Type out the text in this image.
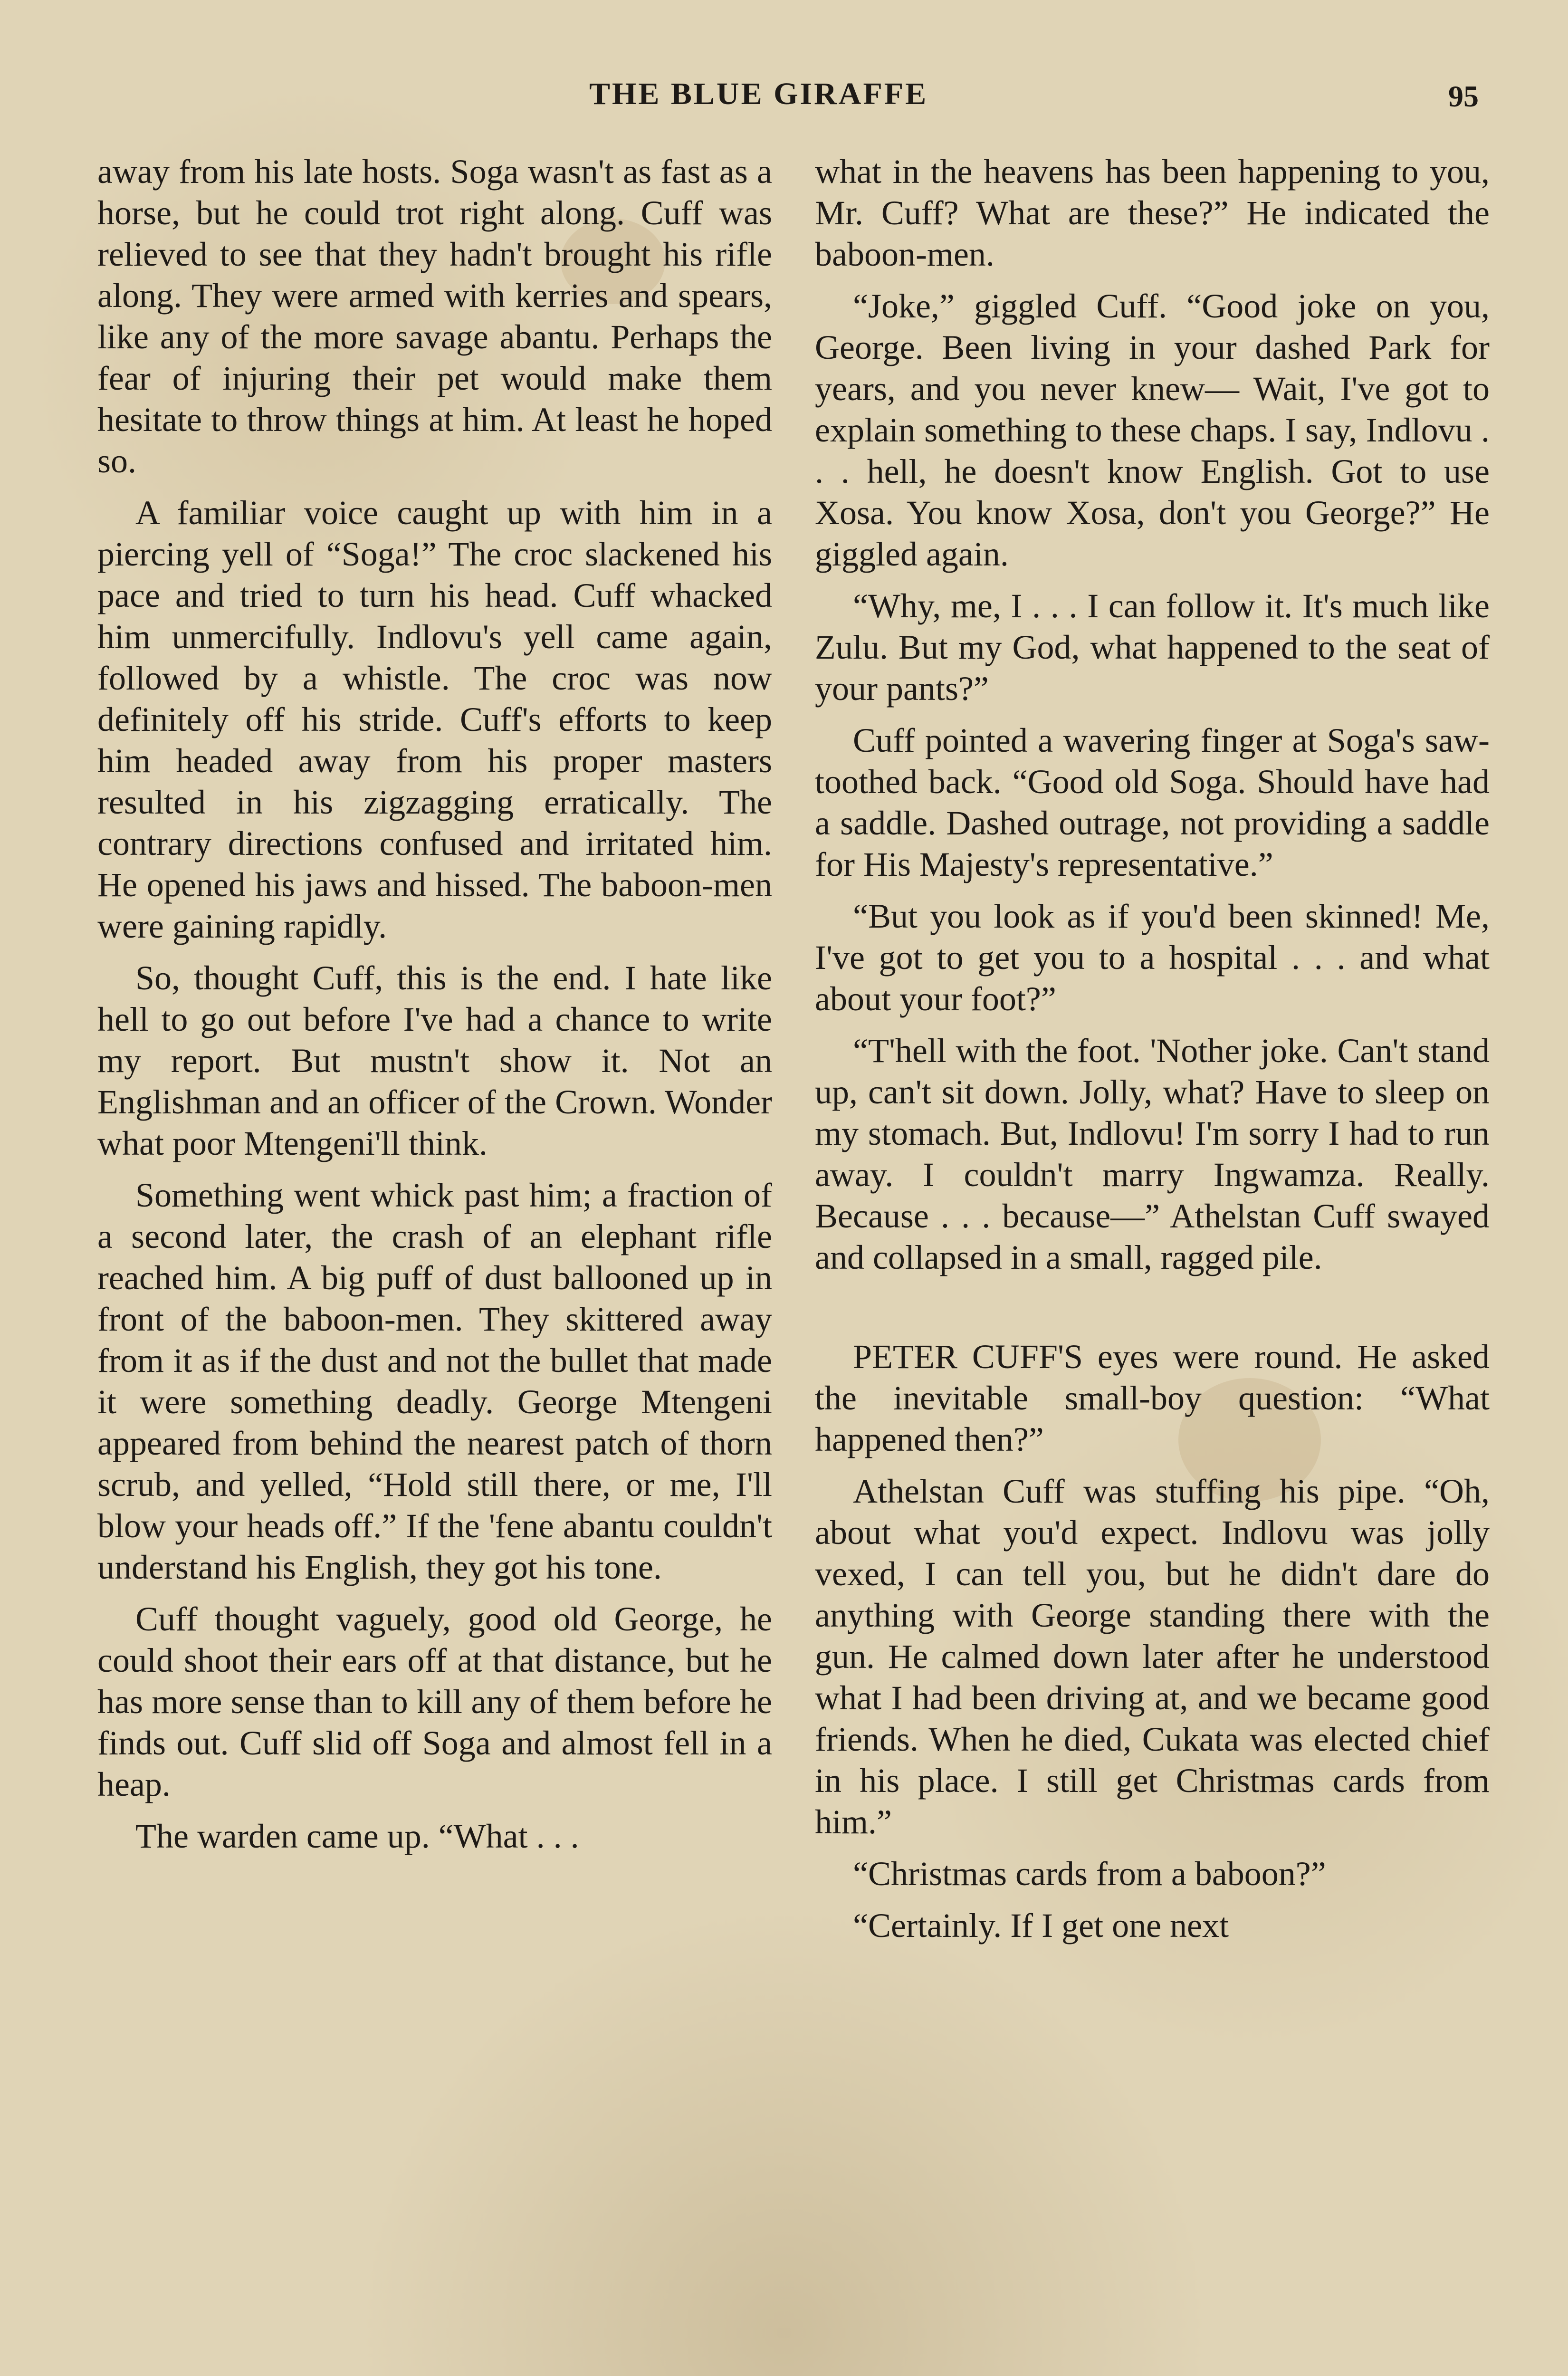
THE BLUE GIRAFFE	95

away from his late hosts. Soga wasn't as fast as a horse, but he could trot right along. Cuff was relieved to see that they hadn't brought his rifle along. They were armed with kerries and spears, like any of the more savage abantu. Perhaps the fear of injuring their pet would make them hesitate to throw things at him. At least he hoped so.

A familiar voice caught up with him in a piercing yell of “Soga!” The croc slackened his pace and tried to turn his head. Cuff whacked him unmercifully. Indlovu's yell came again, followed by a whistle. The croc was now definitely off his stride. Cuff's efforts to keep him headed away from his proper masters resulted in his zigzagging erratically. The contrary directions confused and irritated him. He opened his jaws and hissed. The baboon-men were gaining rapidly.

So, thought Cuff, this is the end. I hate like hell to go out before I've had a chance to write my report. But mustn't show it. Not an Englishman and an officer of the Crown. Wonder what poor Mtengeni'll think.

Something went whick past him; a fraction of a second later, the crash of an elephant rifle reached him. A big puff of dust ballooned up in front of the baboon-men. They skittered away from it as if the dust and not the bullet that made it were something deadly. George Mtengeni appeared from behind the nearest patch of thorn scrub, and yelled, “Hold still there, or me, I'll blow your heads off.” If the 'fene abantu couldn't understand his English, they got his tone.

Cuff thought vaguely, good old George, he could shoot their ears off at that distance, but he has more sense than to kill any of them before he finds out. Cuff slid off Soga and almost fell in a heap.

The warden came up. “What . . .

what in the heavens has been happening to you, Mr. Cuff? What are these?” He indicated the baboon-men.

“Joke,” giggled Cuff. “Good joke on you, George. Been living in your dashed Park for years, and you never knew— Wait, I've got to explain something to these chaps. I say, Indlovu . . . hell, he doesn't know English. Got to use Xosa. You know Xosa, don't you George?” He giggled again.

“Why, me, I . . . I can follow it. It's much like Zulu. But my God, what happened to the seat of your pants?”

Cuff pointed a wavering finger at Soga's saw-toothed back. “Good old Soga. Should have had a saddle. Dashed outrage, not providing a saddle for His Majesty's representative.”

“But you look as if you'd been skinned! Me, I've got to get you to a hospital . . . and what about your foot?”

“T'hell with the foot. 'Nother joke. Can't stand up, can't sit down. Jolly, what? Have to sleep on my stomach. But, Indlovu! I'm sorry I had to run away. I couldn't marry Ingwamza. Really. Because . . . because—” Athelstan Cuff swayed and collapsed in a small, ragged pile.

PETER CUFF'S eyes were round. He asked the inevitable small-boy question: “What happened then?”

Athelstan Cuff was stuffing his pipe. “Oh, about what you'd expect. Indlovu was jolly vexed, I can tell you, but he didn't dare do anything with George standing there with the gun. He calmed down later after he understood what I had been driving at, and we became good friends. When he died, Cukata was elected chief in his place. I still get Christmas cards from him.”

“Christmas cards from a baboon?”

“Certainly. If I get one next
